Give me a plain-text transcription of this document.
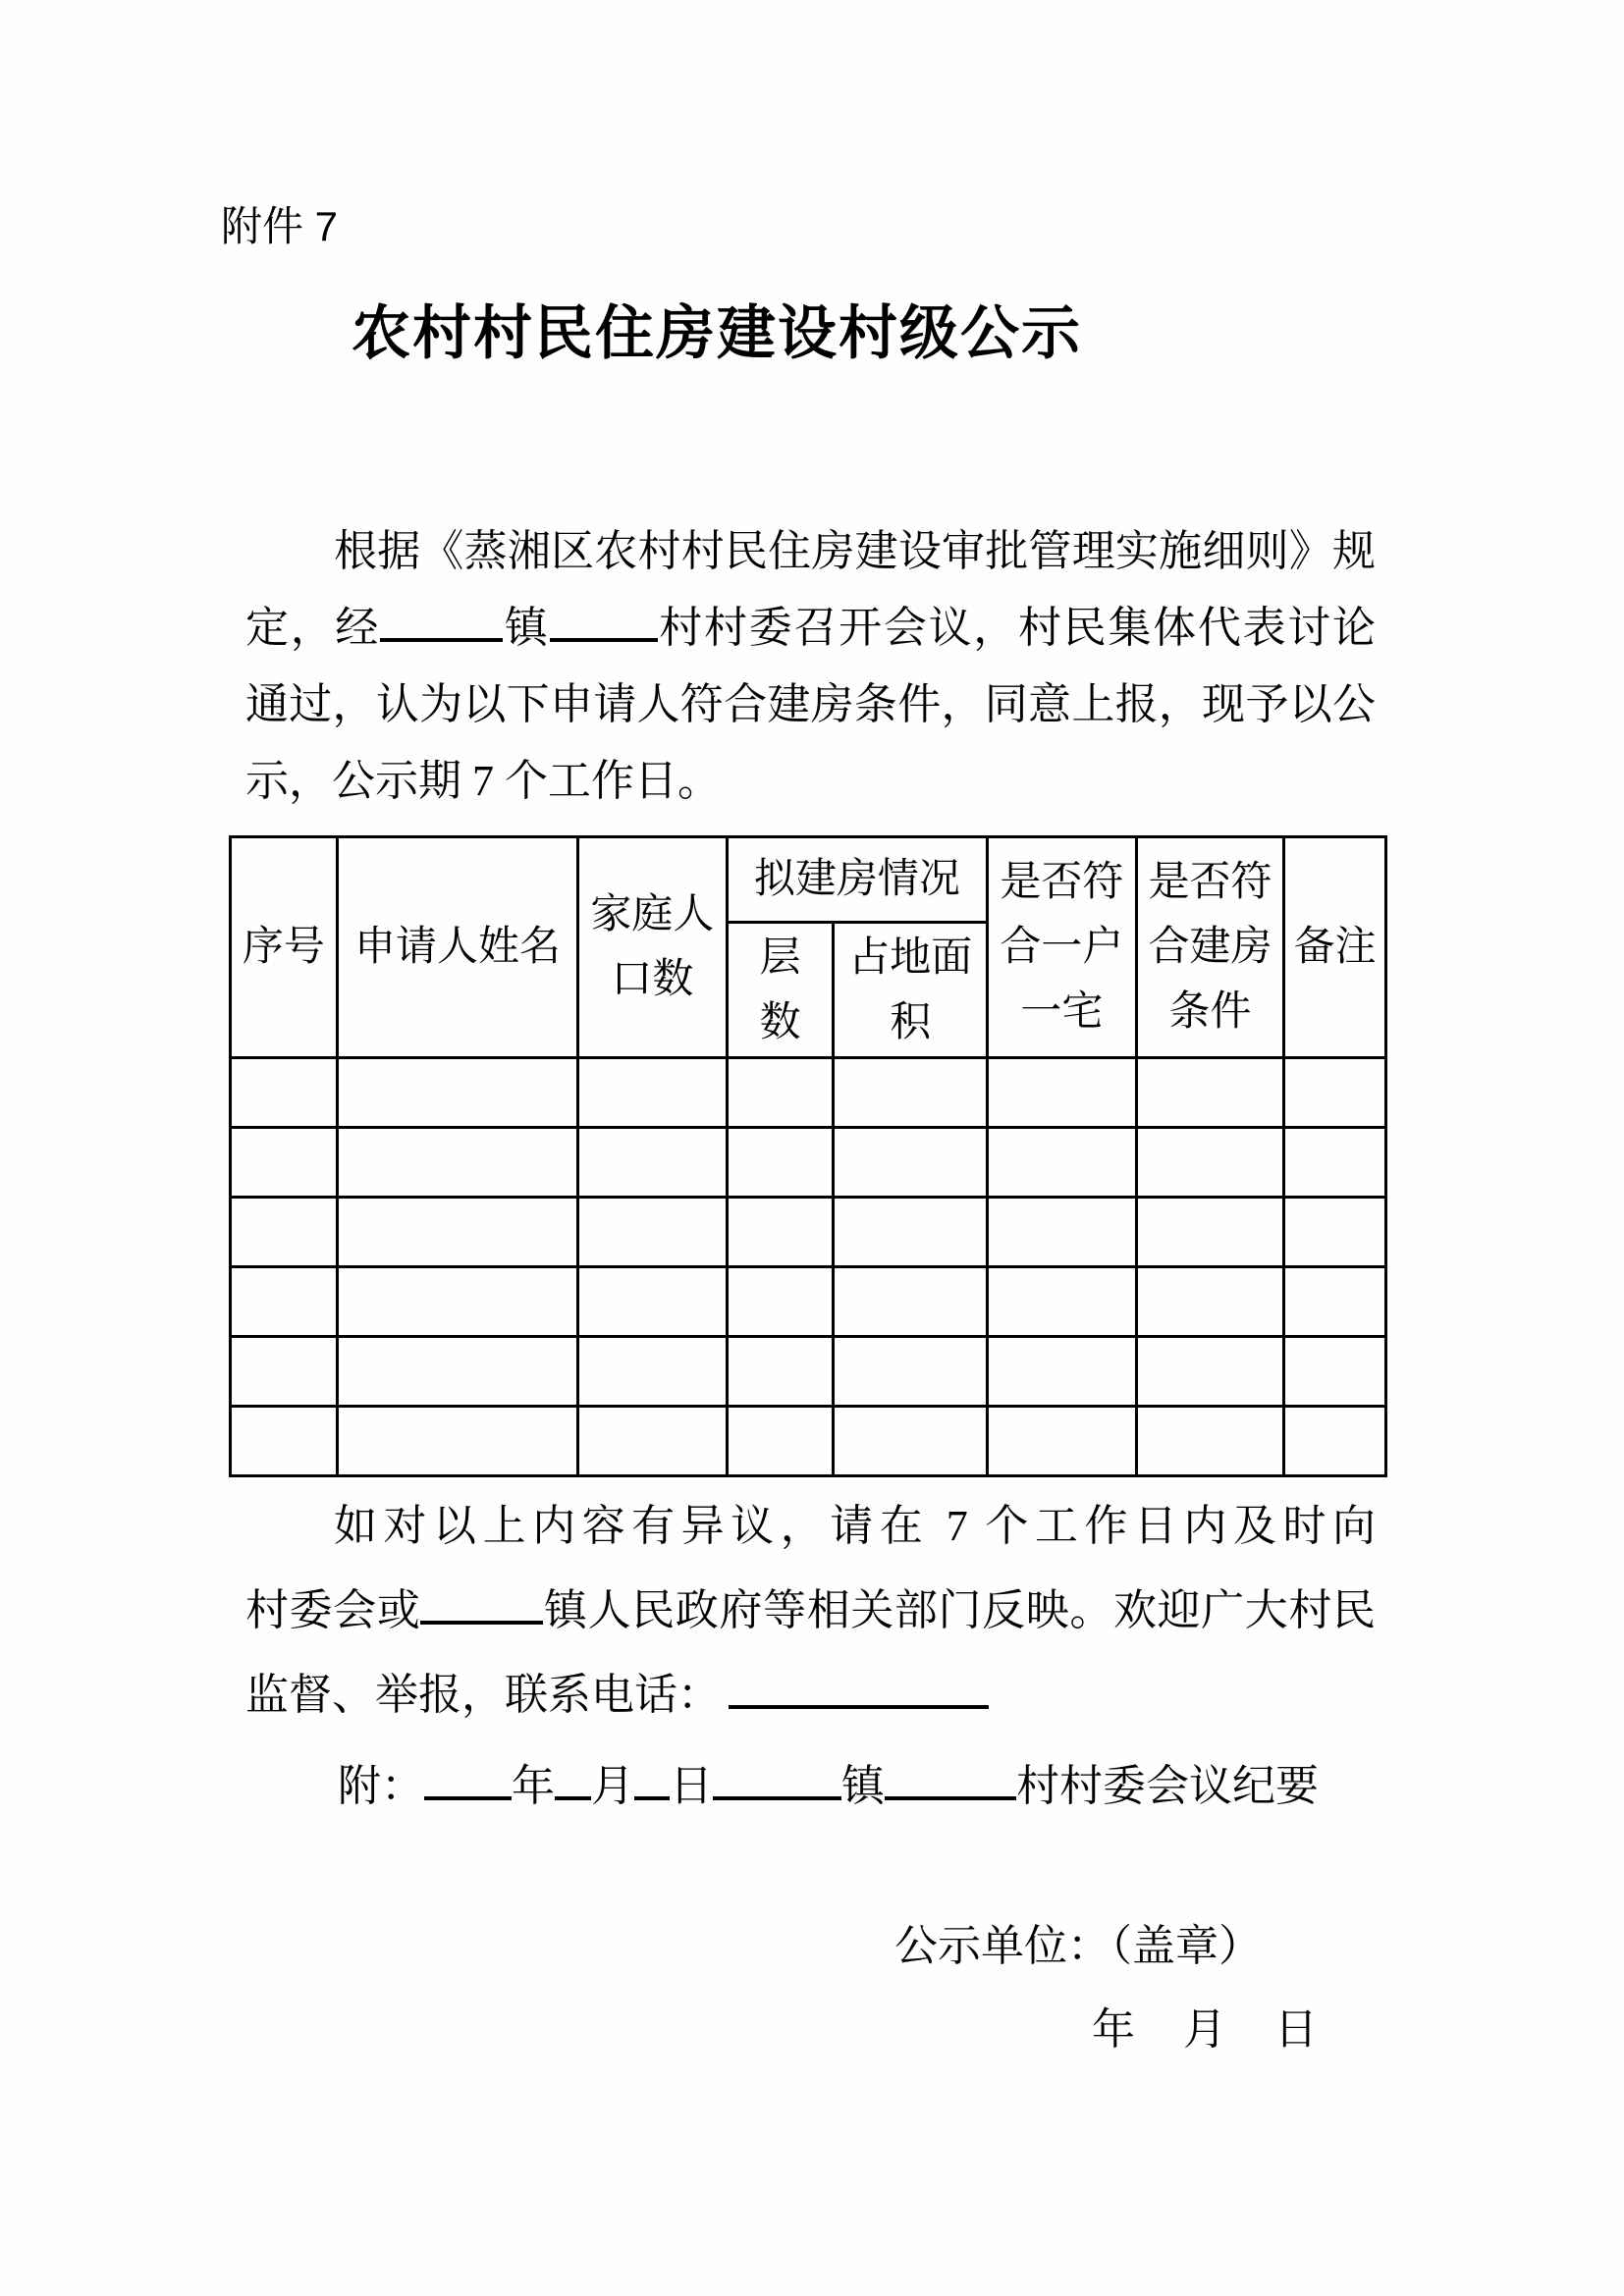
附件 7
农村村民住房建设村级公示
根据《蒸湘区农村村民住房建设审批管理实施细则》规
定，经	镇	村村委召开会议，村民集体代表讨论
通过，认为以下申请人符合建房条件，同意上报，现予以公
示，公示期 7 个工作日。
序号	申请人姓名	家庭人口数	拟建房情况		是否符合一户一宅	是否符合建房条件	备注
			层数	占地面积			

如对以上内容有异议，请在 7 个工作日内及时向
村委会或	镇人民政府等相关部门反映。欢迎广大村民
监督、举报，联系电话：
附： 年 月 日	镇	村村委会议纪要
公示单位：（盖章）
年 月 日
